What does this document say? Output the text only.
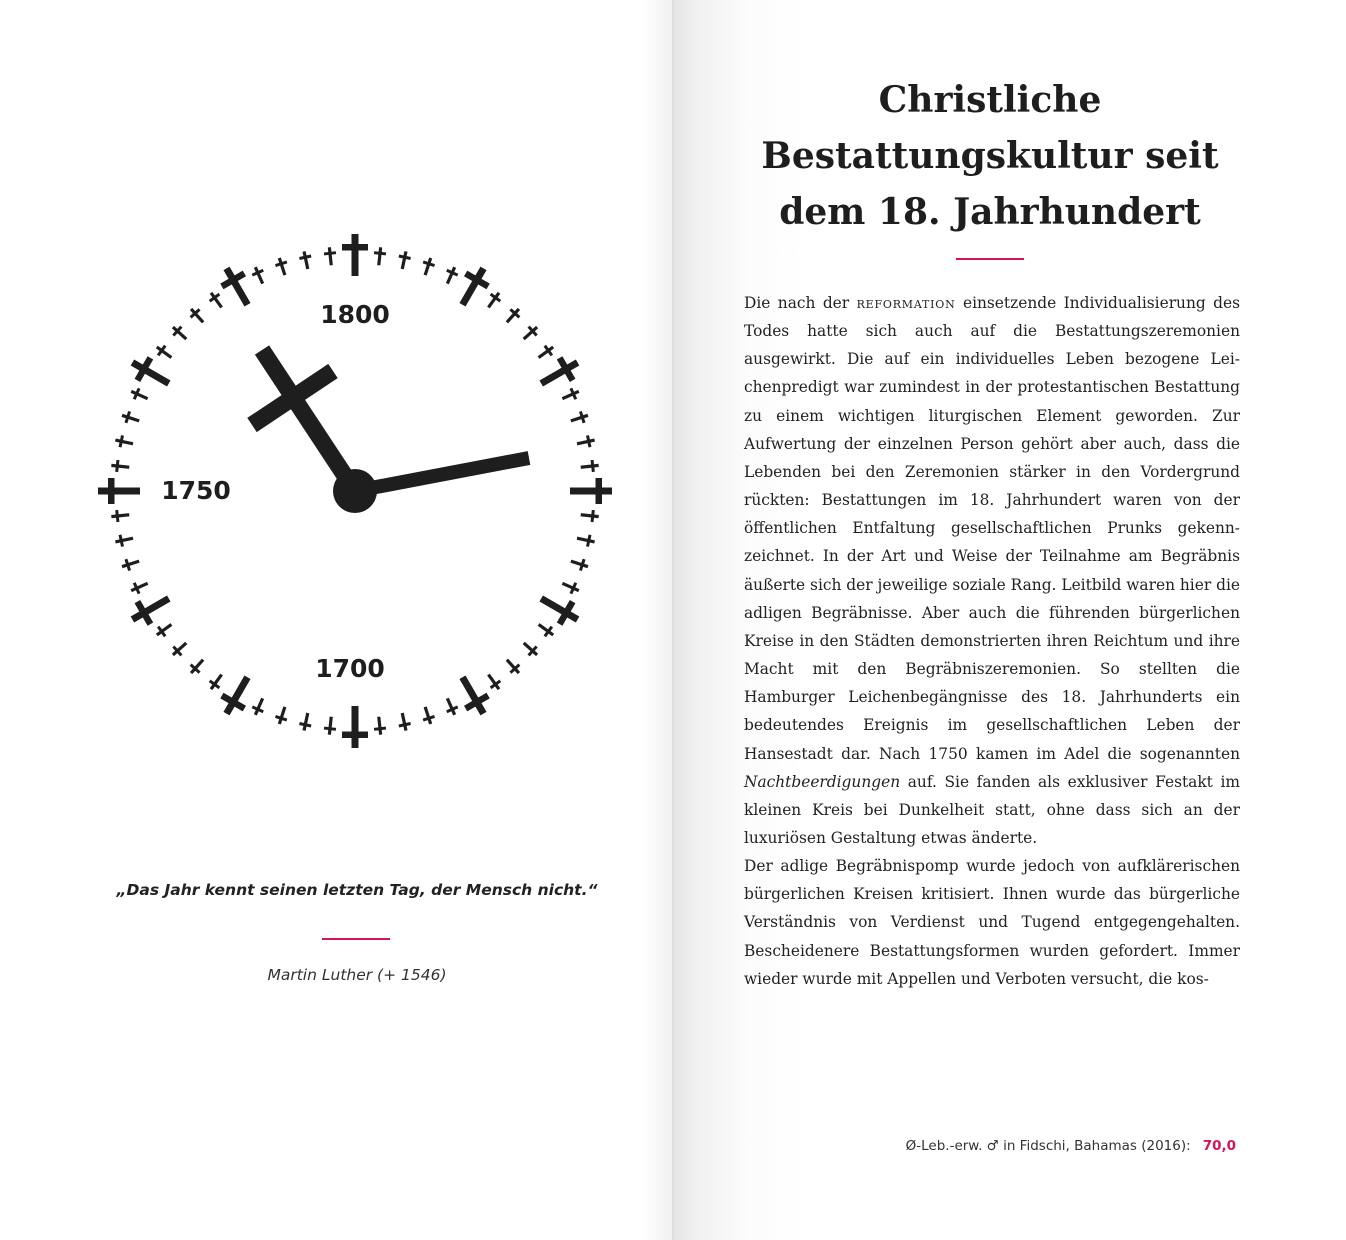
1800
1750
1700
„Das Jahr kennt seinen letzten Tag, der Mensch nicht.“
Martin Luther (+ 1546)
Christliche
Bestattungskultur seit
dem 18. Jahrhundert

Die nach der reformation einsetzende Individualisierung des Todes hatte sich auch auf die Bestattungszeremonien ausgewirkt. Die auf ein individuelles Leben bezogene Leichenpredigt war zumindest in der protestantischen Bestattung zu einem wichtigen liturgischen Element geworden. Zur Aufwertung der einzelnen Person gehört aber auch, dass die Lebenden bei den Zeremonien stärker in den Vordergrund rückten: Bestattungen im 18. Jahrhundert waren von der öffentlichen Entfaltung gesellschaftlichen Prunks gekennzeichnet. In der Art und Weise der Teilnahme am Begräbnis äußerte sich der jeweilige soziale Rang. Leitbild waren hier die adligen Begräbnisse. Aber auch die führenden bürgerlichen Kreise in den Städten demonstrierten ihren Reichtum und ihre Macht mit den Begräbniszeremonien. So stellten die Hamburger Leichenbegängnisse des 18. Jahrhunderts ein bedeutendes Ereignis im gesellschaftlichen Leben der Hansestadt dar. Nach 1750 kamen im Adel die sogenannten Nachtbeerdigungen auf. Sie fanden als exklusiver Festakt im kleinen Kreis bei Dunkelheit statt, ohne dass sich an der luxuriösen Gestaltung etwas änderte.

Der adlige Begräbnispomp wurde jedoch von aufklärerischen bürgerlichen Kreisen kritisiert. Ihnen wurde das bürgerliche Verständnis von Verdienst und Tugend entgegengehalten. Bescheidenere Bestattungsformen wurden gefordert. Immer wieder wurde mit Appellen und Verboten versucht, die kos-

Ø-Leb.-erw. ♂ in Fidschi, Bahamas (2016): 70,0
